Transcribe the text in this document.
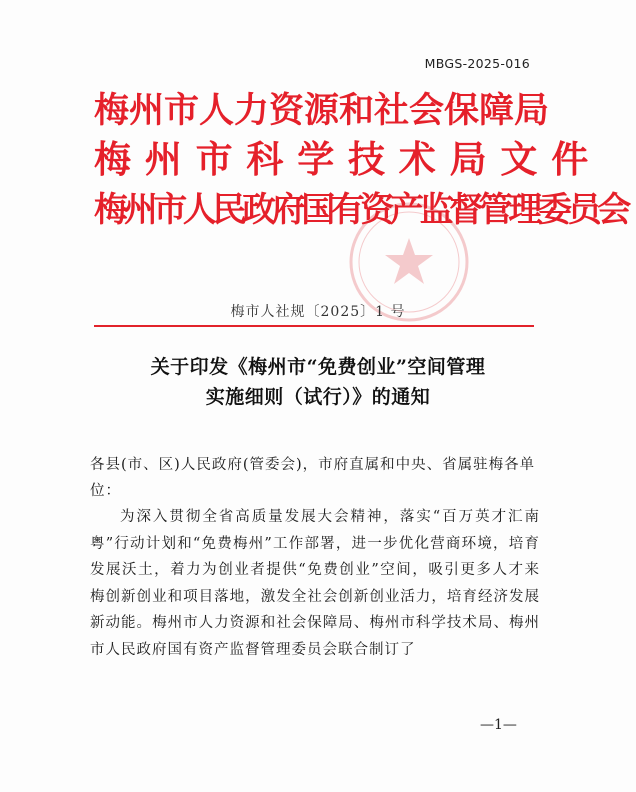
MBGS-2025-016
梅州市人力资源和社会保障局
梅州市科学技术局文件
梅州市人民政府国有资产监督管理委员会
梅市人社规〔2025〕1 号
关于印发《梅州市“免费创业”空间管理
实施细则（试行）》的通知
各县(市、区)人民政府(管委会)，市府直属和中央、省属驻梅各单位：
为深入贯彻全省高质量发展大会精神，落实“百万英才汇南粤”行动计划和“免费梅州”工作部署，进一步优化营商环境，培育发展沃土，着力为创业者提供“免费创业”空间，吸引更多人才来梅创新创业和项目落地，激发全社会创新创业活力，培育经济发展新动能。梅州市人力资源和社会保障局、梅州市科学技术局、梅州市人民政府国有资产监督管理委员会联合制订了
—1—
